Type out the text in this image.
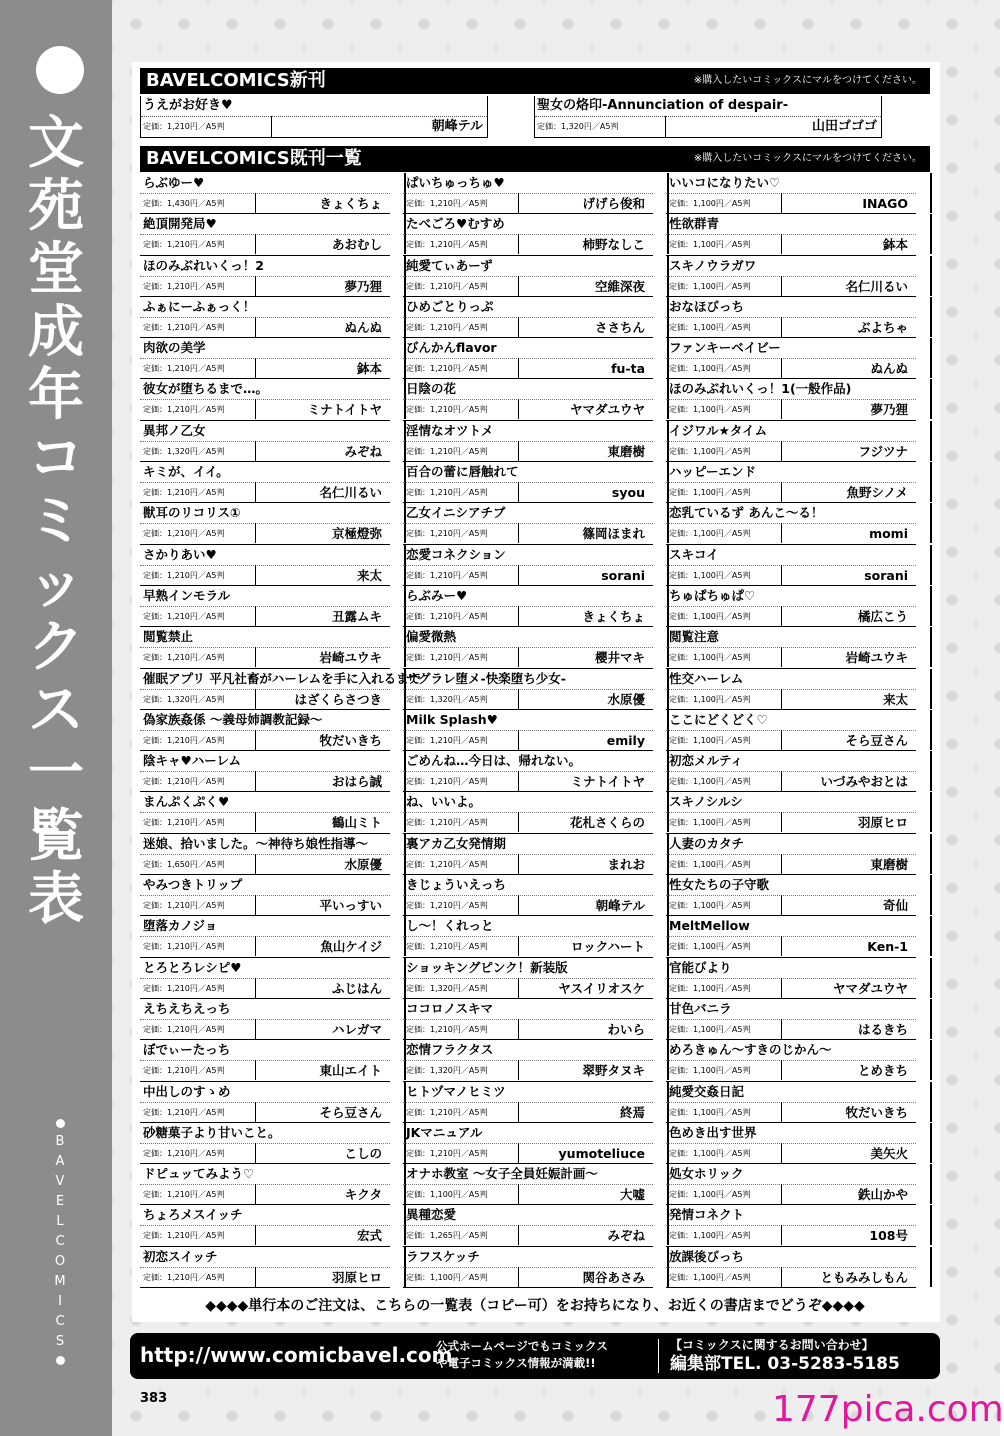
文
苑
堂
成
年
コ
ミ
ッ
ク
ス
一
覧
表
B
A
V
E
L
C
O
M
I
C
S
BAVELCOMICS新刊	※購入したいコミックスにマルをつけてください。
うえがお好き♥
定価：1,210円／A5判	朝峰テル
聖女の烙印-Annunciation of despair-
定価：1,320円／A5判	山田ゴゴゴ
BAVELCOMICS既刊一覧	※購入したいコミックスにマルをつけてください。
らぶゆー♥
定価：1,430円／A5判	きょくちょ
絶頂開発局♥
定価：1,210円／A5判	あおむし
ほのみぶれいくっ！2
定価：1,210円／A5判	夢乃狸
ふぁにーふぁっく！
定価：1,210円／A5判	ぬんぬ
肉欲の美学
定価：1,210円／A5判	鉢本
彼女が堕ちるまで…。
定価：1,210円／A5判	ミナトイトヤ
異邦ノ乙女
定価：1,320円／A5判	みぞね
キミが、イイ。
定価：1,210円／A5判	名仁川るい
獣耳のリコリス①
定価：1,210円／A5判	京極燈弥
さかりあい♥
定価：1,210円／A5判	来太
早熟インモラル
定価：1,210円／A5判	丑露ムキ
閲覧禁止
定価：1,210円／A5判	岩崎ユウキ
催眠アプリ 平凡社畜がハーレムを手に入れるまで
定価：1,320円／A5判	はざくらさつき
偽家族姦係 ～義母姉調教記録～
定価：1,210円／A5判	牧だいきち
陰キャ♥ハーレム
定価：1,210円／A5判	おはら誠
まんぷくぷく♥
定価：1,210円／A5判	鶴山ミト
迷娘、拾いました。～神待ち娘性指導～
定価：1,650円／A5判	水原優
やみつきトリップ
定価：1,210円／A5判	平いっすい
堕落カノジョ
定価：1,210円／A5判	魚山ケイジ
とろとろレシピ♥
定価：1,210円／A5判	ふじはん
えちえちえっち
定価：1,210円／A5判	ハレガマ
ぼでぃーたっち
定価：1,210円／A5判	東山エイト
中出しのすゝめ
定価：1,210円／A5判	そら豆さん
砂糖菓子より甘いこと。
定価：1,210円／A5判	こしの
ドピュッてみよう♡
定価：1,210円／A5判	キクタ
ちょろメスイッチ
定価：1,210円／A5判	宏式
初恋スイッチ
定価：1,210円／A5判	羽原ヒロ
ぱいちゅっちゅ♥
定価：1,210円／A5判	げげら俊和
たべごろ♥むすめ
定価：1,210円／A5判	柿野なしこ
純愛てぃあーず
定価：1,210円／A5判	空維深夜
ひめごとりっぷ
定価：1,210円／A5判	ささちん
びんかんflavor
定価：1,210円／A5判	fu-ta
日陰の花
定価：1,210円／A5判	ヤマダユウヤ
淫情なオツトメ
定価：1,210円／A5判	東磨樹
百合の蕾に唇触れて
定価：1,210円／A5判	syou
乙女イニシアチブ
定価：1,210円／A5判	篠岡ほまれ
恋愛コネクション
定価：1,210円／A5判	sorani
らぶみー♥
定価：1,210円／A5判	きょくちょ
偏愛微熱
定価：1,210円／A5判	櫻井マキ
サグラレ堕メ-快楽堕ち少女-
定価：1,320円／A5判	水原優
Milk Splash♥
定価：1,210円／A5判	emily
ごめんね…今日は、帰れない。
定価：1,210円／A5判	ミナトイトヤ
ね、いいよ。
定価：1,210円／A5判	花札さくらの
裏アカ乙女発情期
定価：1,210円／A5判	まれお
きじょういえっち
定価：1,210円／A5判	朝峰テル
し～！くれっと
定価：1,210円／A5判	ロックハート
ショッキングピンク！新装版
定価：1,320円／A5判	ヤスイリオスケ
ココロノスキマ
定価：1,210円／A5判	わいら
恋情フラクタス
定価：1,320円／A5判	翠野タヌキ
ヒトヅマノヒミツ
定価：1,210円／A5判	終焉
JKマニュアル
定価：1,210円／A5判	yumoteliuce
オナホ教室 ～女子全員妊娠計画～
定価：1,100円／A5判	大嘘
異種恋愛
定価：1,265円／A5判	みぞね
ラフスケッチ
定価：1,100円／A5判	関谷あさみ
いいコになりたい♡
定価：1,100円／A5判	INAGO
性欲群青
定価：1,100円／A5判	鉢本
スキノウラガワ
定価：1,100円／A5判	名仁川るい
おなほびっち
定価：1,100円／A5判	ぶよちゃ
ファンキーベイビー
定価：1,100円／A5判	ぬんぬ
ほのみぶれいくっ！1(一般作品)
定価：1,100円／A5判	夢乃狸
イジワル★タイム
定価：1,100円／A5判	フジツナ
ハッピーエンド
定価：1,100円／A5判	魚野シノメ
恋乳ているず あんこ～る！
定価：1,100円／A5判	momi
スキコイ
定価：1,100円／A5判	sorani
ちゅぱちゅぱ♡
定価：1,100円／A5判	橘広こう
閲覧注意
定価：1,100円／A5判	岩崎ユウキ
性交ハーレム
定価：1,100円／A5判	来太
ここにどくどく♡
定価：1,100円／A5判	そら豆さん
初恋メルティ
定価：1,100円／A5判	いづみやおとは
スキノシルシ
定価：1,100円／A5判	羽原ヒロ
人妻のカタチ
定価：1,100円／A5判	東磨樹
性女たちの子守歌
定価：1,100円／A5判	奇仙
MeltMellow
定価：1,100円／A5判	Ken-1
官能びより
定価：1,100円／A5判	ヤマダユウヤ
甘色バニラ
定価：1,100円／A5判	はるきち
めろきゅん～すきのじかん～
定価：1,100円／A5判	とめきち
純愛交姦日記
定価：1,100円／A5判	牧だいきち
色めき出す世界
定価：1,100円／A5判	美矢火
処女ホリック
定価：1,100円／A5判	鉄山かや
発情コネクト
定価：1,100円／A5判	108号
放課後びっち
定価：1,100円／A5判	ともみみしもん
◆◆◆◆単行本のご注文は、こちらの一覧表（コピー可）をお持ちになり、お近くの書店までどうぞ◆◆◆◆
http://www.comicbavel.com
公式ホームページでもコミックス
や電子コミックス情報が満載!!
【コミックスに関するお問い合わせ】
編集部TEL. 03-5283-5185
383	177pica.com
